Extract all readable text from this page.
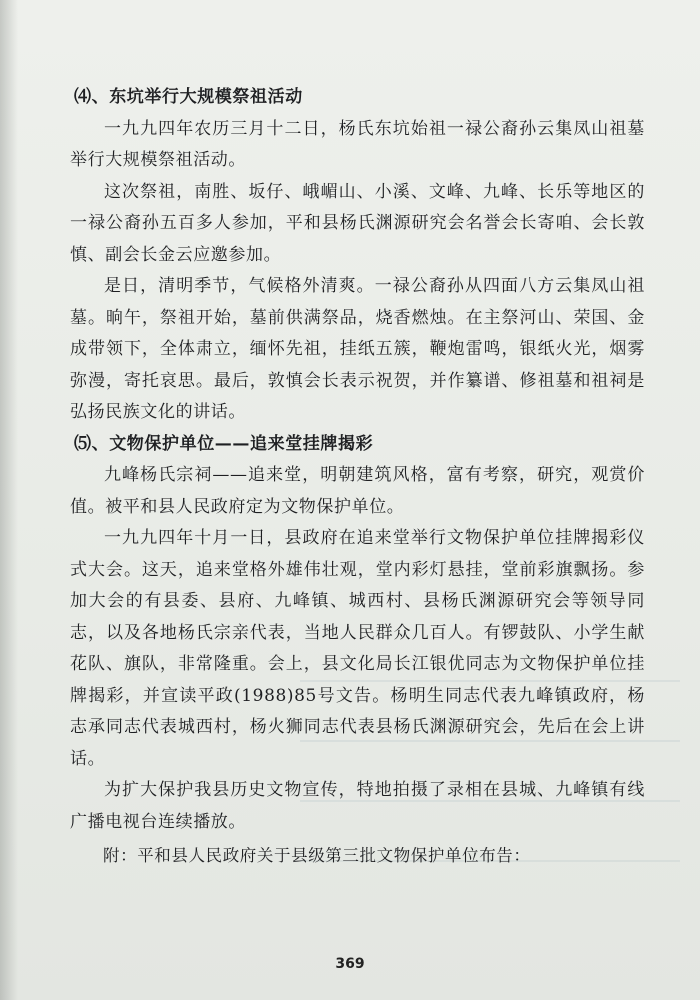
⑷、东坑举行大规模祭祖活动

一九九四年农历三月十二日，杨氏东坑始祖一禄公裔孙云集凤山祖墓举行大规模祭祖活动。

这次祭祖，南胜、坂仔、峨嵋山、小溪、文峰、九峰、长乐等地区的一禄公裔孙五百多人参加，平和县杨氏渊源研究会名誉会长寄咱、会长敦慎、副会长金云应邀参加。

是日，清明季节，气候格外清爽。一禄公裔孙从四面八方云集凤山祖墓。晌午，祭祖开始，墓前供满祭品，烧香燃烛。在主祭河山、荣国、金成带领下，全体肃立，缅怀先祖，挂纸五簇，鞭炮雷鸣，银纸火光，烟雾弥漫，寄托哀思。最后，敦慎会长表示祝贺，并作纂谱、修祖墓和祖祠是弘扬民族文化的讲话。

⑸、文物保护单位——追来堂挂牌揭彩

九峰杨氏宗祠——追来堂，明朝建筑风格，富有考察，研究，观赏价值。被平和县人民政府定为文物保护单位。

一九九四年十月一日，县政府在追来堂举行文物保护单位挂牌揭彩仪式大会。这天，追来堂格外雄伟壮观，堂内彩灯悬挂，堂前彩旗飘扬。参加大会的有县委、县府、九峰镇、城西村、县杨氏渊源研究会等领导同志，以及各地杨氏宗亲代表，当地人民群众几百人。有锣鼓队、小学生献花队、旗队，非常隆重。会上，县文化局长江银优同志为文物保护单位挂牌揭彩，并宣读平政(1988)85号文告。杨明生同志代表九峰镇政府，杨志承同志代表城西村，杨火狮同志代表县杨氏渊源研究会，先后在会上讲话。

为扩大保护我县历史文物宣传，特地拍摄了录相在县城、九峰镇有线广播电视台连续播放。

附：平和县人民政府关于县级第三批文物保护单位布告：

369
